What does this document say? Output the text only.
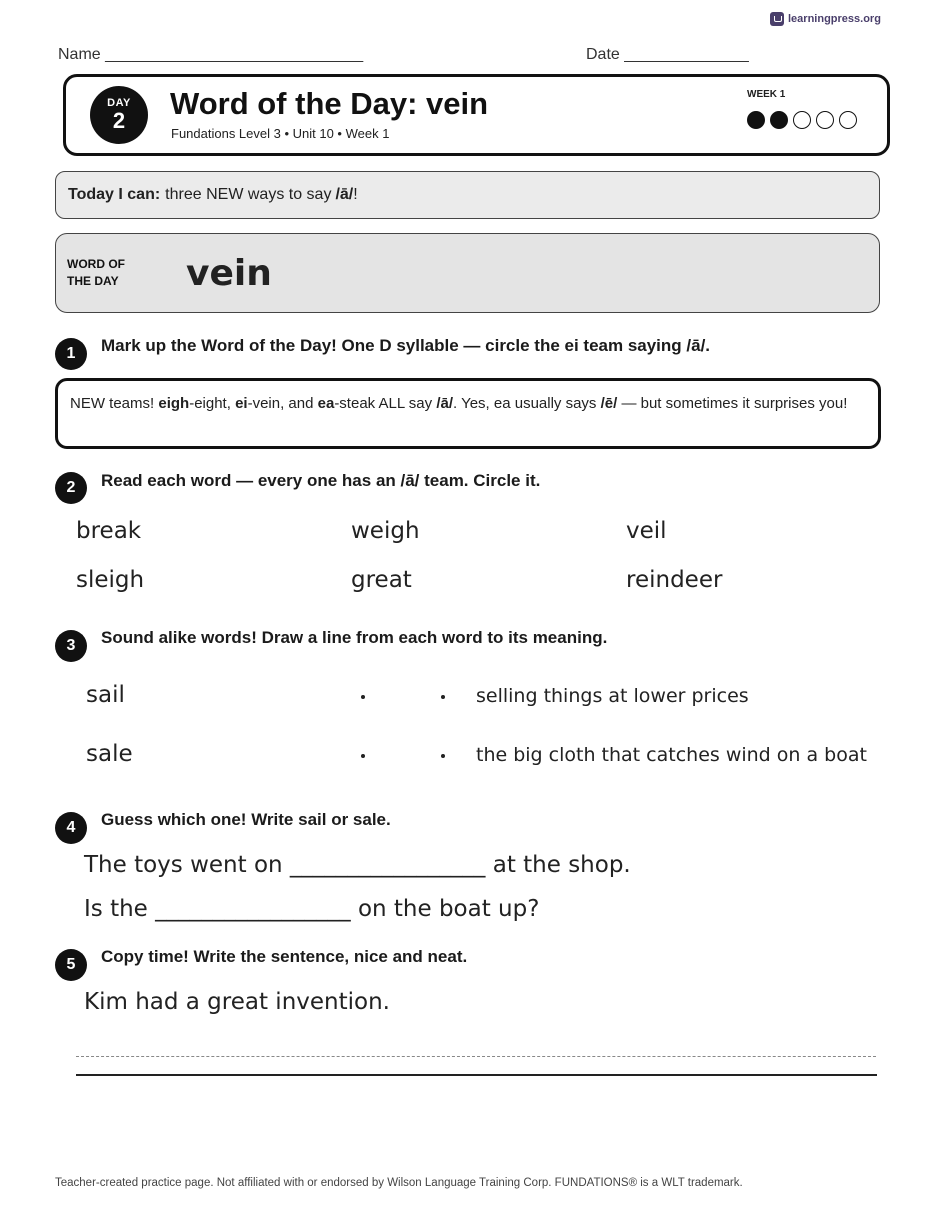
learningpress.org
Name _____________________________	Date ______________
DAY
2 Word of the Day: vein
Fundations Level 3 • Unit 10 • Week 1
WEEK 1
Today I can: three NEW ways to say /ā/ !
WORD OF
THE DAY	vein
1	Mark up the Word of the Day! One D syllable — circle the ei team saying /ā/.
NEW teams! eigh-eight, ei-vein, and ea-steak ALL say /ā/. Yes, ea usually says /ē/ — but sometimes it surprises you!
2	Read each word — every one has an /ā/ team. Circle it.
break	weigh	veil
sleigh	great	reindeer
3	Sound alike words! Draw a line from each word to its meaning.
sail	selling things at lower prices
sale	the big cloth that catches wind on a boat
4	Guess which one! Write sail or sale.
The toys went on _________________ at the shop.
Is the _________________ on the boat up?
5	Copy time! Write the sentence, nice and neat.
Kim had a great invention.
Teacher-created practice page. Not affiliated with or endorsed by Wilson Language Training Corp. FUNDATIONS® is a WLT trademark.
